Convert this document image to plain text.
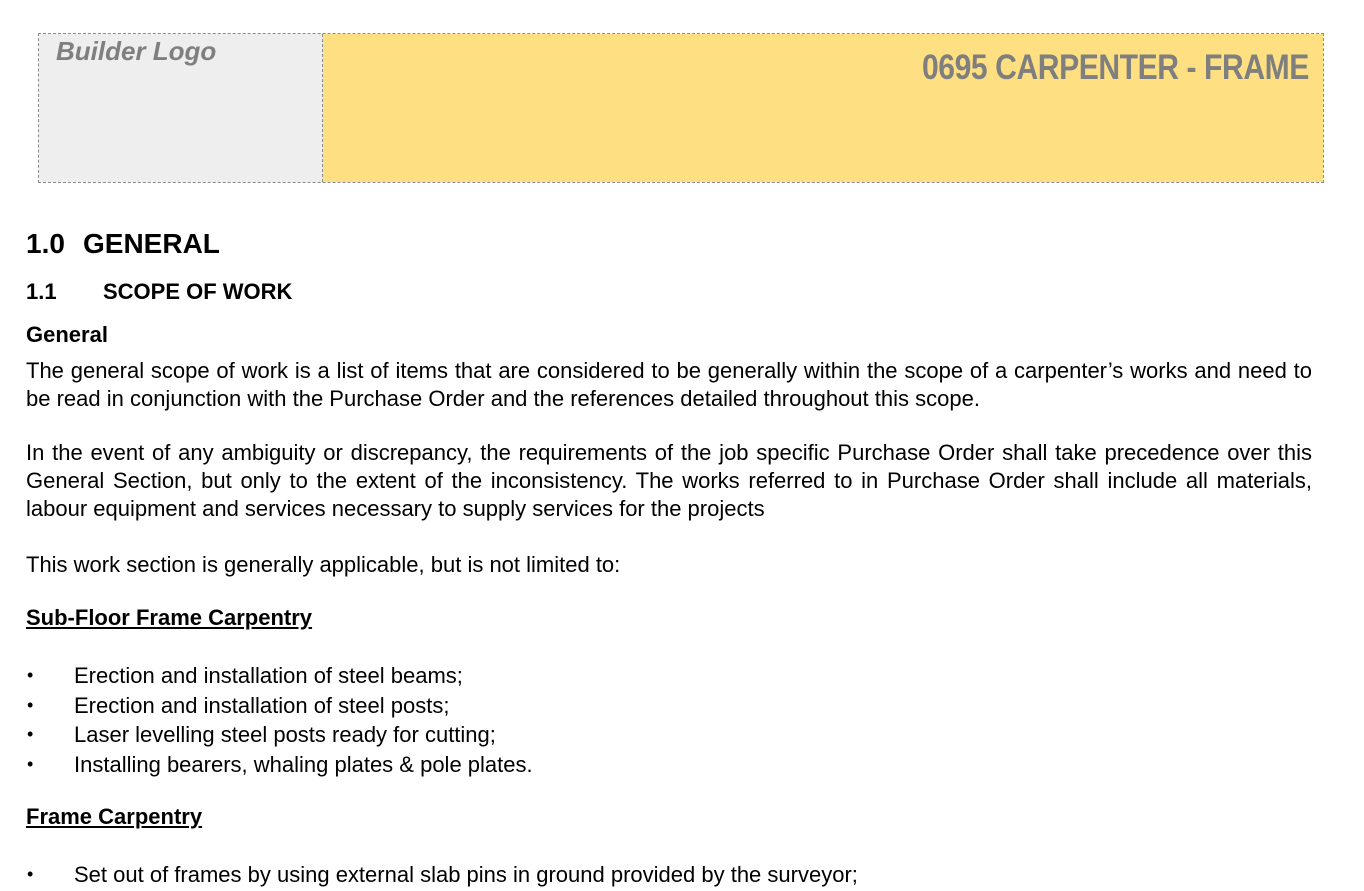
Builder Logo	0695 CARPENTER - FRAME
1.0 GENERAL
1.1 SCOPE OF WORK
General
The general scope of work is a list of items that are considered to be generally within the scope of a carpenter’s works and need to be read in conjunction with the Purchase Order and the references detailed throughout this scope.
In the event of any ambiguity or discrepancy, the requirements of the job specific Purchase Order shall take precedence over this General Section, but only to the extent of the inconsistency. The works referred to in Purchase Order shall include all materials, labour equipment and services necessary to supply services for the projects
This work section is generally applicable, but is not limited to:
Sub-Floor Frame Carpentry
• Erection and installation of steel beams;
• Erection and installation of steel posts;
• Laser levelling steel posts ready for cutting;
• Installing bearers, whaling plates & pole plates.
Frame Carpentry
• Set out of frames by using external slab pins in ground provided by the surveyor;
